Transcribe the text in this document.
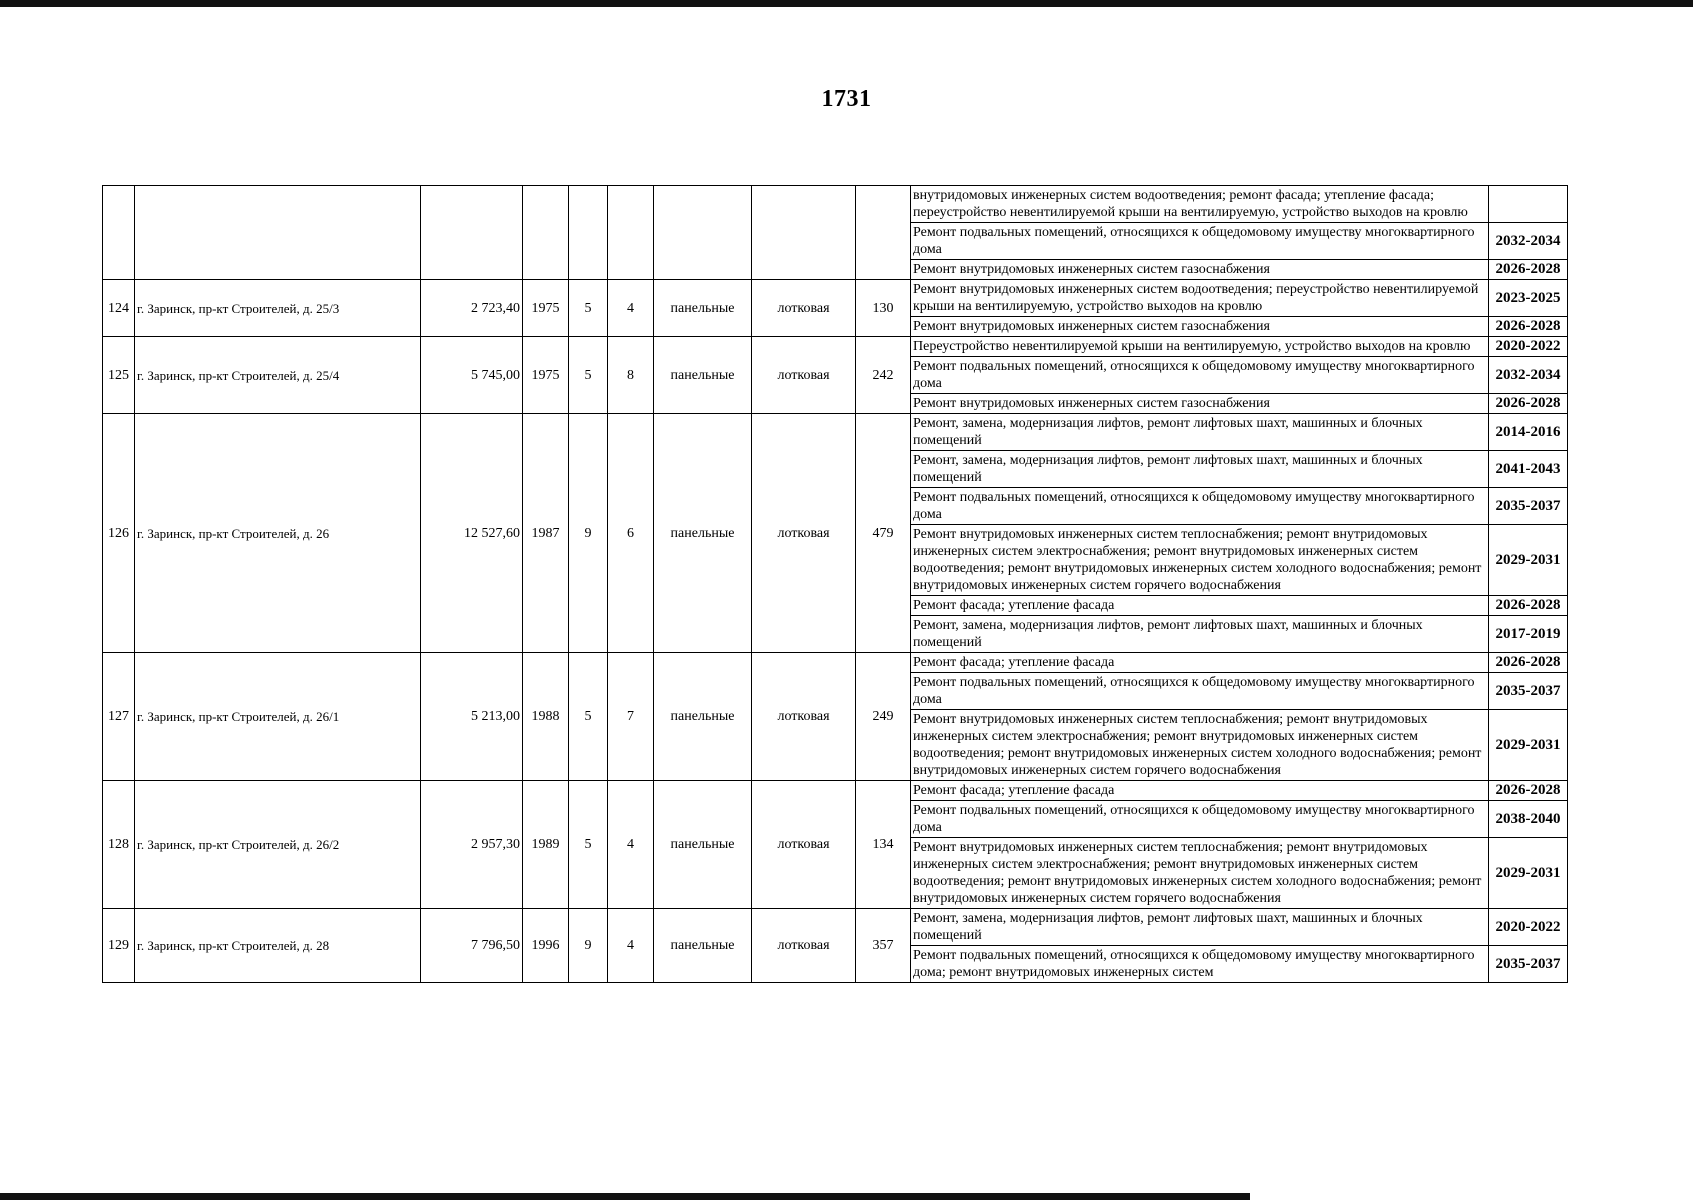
1731
									внутридомовых инженерных систем водоотведения; ремонт фасада; утепление фасада; переустройство невентилируемой крыши на вентилируемую, устройство выходов на кровлю	
									Ремонт подвальных помещений, относящихся к общедомовому имуществу многоквартирного дома	2032-2034
									Ремонт внутридомовых инженерных систем газоснабжения	2026-2028
124	г. Заринск, пр-кт Строителей, д. 25/3	2 723,40	1975	5	4	панельные	лотковая	130	Ремонт внутридомовых инженерных систем водоотведения; переустройство невентилируемой крыши на вентилируемую, устройство выходов на кровлю	2023-2025
									Ремонт внутридомовых инженерных систем газоснабжения	2026-2028
125	г. Заринск, пр-кт Строителей, д. 25/4	5 745,00	1975	5	8	панельные	лотковая	242	Переустройство невентилируемой крыши на вентилируемую, устройство выходов на кровлю	2020-2022
									Ремонт подвальных помещений, относящихся к общедомовому имуществу многоквартирного дома	2032-2034
									Ремонт внутридомовых инженерных систем газоснабжения	2026-2028
126	г. Заринск, пр-кт Строителей, д. 26	12 527,60	1987	9	6	панельные	лотковая	479	Ремонт, замена, модернизация лифтов, ремонт лифтовых шахт, машинных и блочных помещений	2014-2016
									Ремонт, замена, модернизация лифтов, ремонт лифтовых шахт, машинных и блочных помещений	2041-2043
									Ремонт подвальных помещений, относящихся к общедомовому имуществу многоквартирного дома	2035-2037
									Ремонт внутридомовых инженерных систем теплоснабжения; ремонт внутридомовых инженерных систем электроснабжения; ремонт внутридомовых инженерных систем водоотведения; ремонт внутридомовых инженерных систем холодного водоснабжения; ремонт внутридомовых инженерных систем горячего водоснабжения	2029-2031
									Ремонт фасада; утепление фасада	2026-2028
									Ремонт, замена, модернизация лифтов, ремонт лифтовых шахт, машинных и блочных помещений	2017-2019
127	г. Заринск, пр-кт Строителей, д. 26/1	5 213,00	1988	5	7	панельные	лотковая	249	Ремонт фасада; утепление фасада	2026-2028
									Ремонт подвальных помещений, относящихся к общедомовому имуществу многоквартирного дома	2035-2037
									Ремонт внутридомовых инженерных систем теплоснабжения; ремонт внутридомовых инженерных систем электроснабжения; ремонт внутридомовых инженерных систем водоотведения; ремонт внутридомовых инженерных систем холодного водоснабжения; ремонт внутридомовых инженерных систем горячего водоснабжения	2029-2031
128	г. Заринск, пр-кт Строителей, д. 26/2	2 957,30	1989	5	4	панельные	лотковая	134	Ремонт фасада; утепление фасада	2026-2028
									Ремонт подвальных помещений, относящихся к общедомовому имуществу многоквартирного дома	2038-2040
									Ремонт внутридомовых инженерных систем теплоснабжения; ремонт внутридомовых инженерных систем электроснабжения; ремонт внутридомовых инженерных систем водоотведения; ремонт внутридомовых инженерных систем холодного водоснабжения; ремонт внутридомовых инженерных систем горячего водоснабжения	2029-2031
129	г. Заринск, пр-кт Строителей, д. 28	7 796,50	1996	9	4	панельные	лотковая	357	Ремонт, замена, модернизация лифтов, ремонт лифтовых шахт, машинных и блочных помещений	2020-2022
									Ремонт подвальных помещений, относящихся к общедомовому имуществу многоквартирного дома; ремонт внутридомовых инженерных систем	2035-2037
